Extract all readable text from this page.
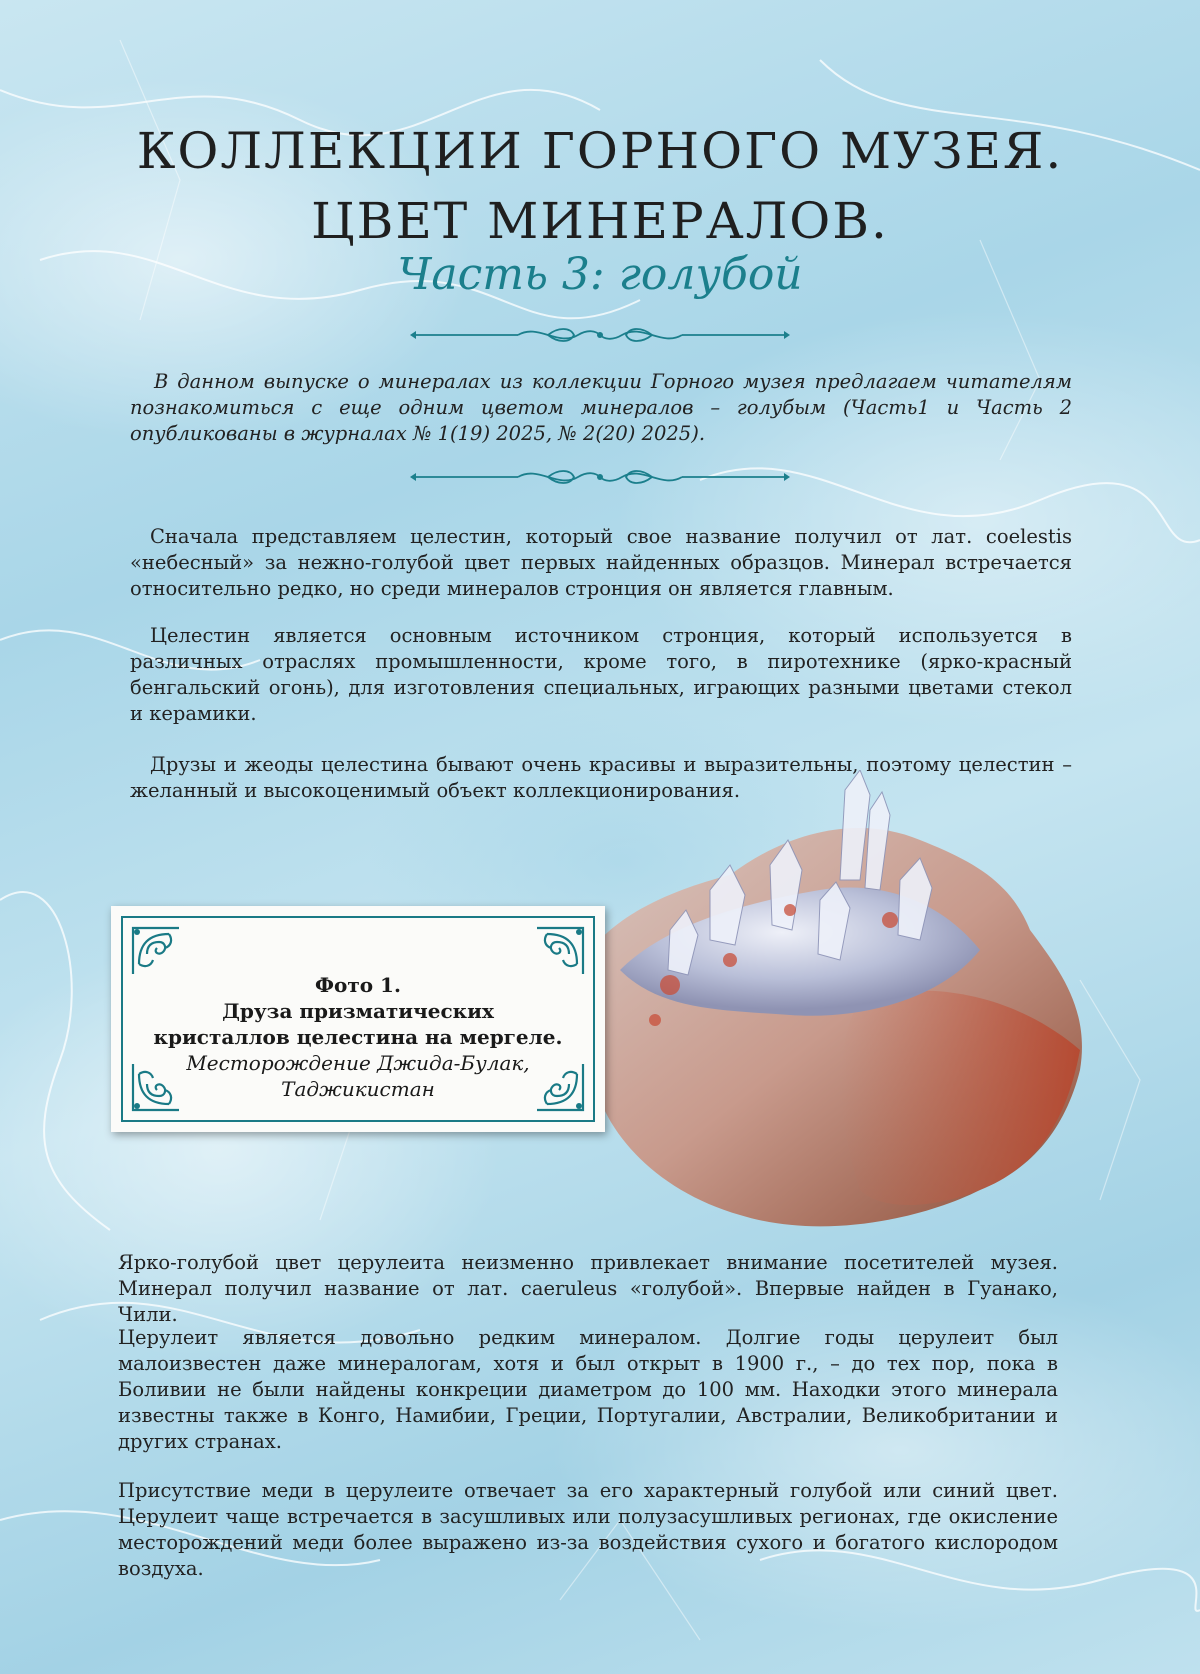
КОЛЛЕКЦИИ ГОРНОГО МУЗЕЯ.
ЦВЕТ МИНЕРАЛОВ.
Часть 3: голубой
В данном выпуске о минералах из коллекции Горного музея предлагаем читателям познакомиться с еще одним цветом минералов – голубым (Часть1 и Часть 2 опубликованы в журналах № 1(19) 2025, № 2(20) 2025).
Сначала представляем целестин, который свое название получил от лат. coelestis «небесный» за нежно-голубой цвет первых найденных образцов. Минерал встречается относительно редко, но среди минералов стронция он является главным.
Целестин является основным источником стронция, который используется в различных отраслях промышленности, кроме того, в пиротехнике (ярко-красный бенгальский огонь), для изготовления специальных, играющих разными цветами стекол и керамики.
Друзы и жеоды целестина бывают очень красивы и выразительны, поэтому целестин – желанный и высокоценимый объект коллекционирования.
Фото 1.
Друза призматических
кристаллов целестина на мергеле.
Месторождение Джида-Булак,
Таджикистан
Ярко-голубой цвет церулеита неизменно привлекает внимание посетителей музея. Минерал получил название от лат. caeruleus «голубой». Впервые найден в Гуанако, Чили.
Церулеит является довольно редким минералом. Долгие годы церулеит был малоизвестен даже минералогам, хотя и был открыт в 1900 г., – до тех пор, пока в Боливии не были найдены конкреции диаметром до 100 мм. Находки этого минерала известны также в Конго, Намибии, Греции, Португалии, Австралии, Великобритании и других странах.
Присутствие меди в церулеите отвечает за его характерный голубой или синий цвет. Церулеит чаще встречается в засушливых или полузасушливых регионах, где окисление месторождений меди более выражено из-за воздействия сухого и богатого кислородом воздуха.
